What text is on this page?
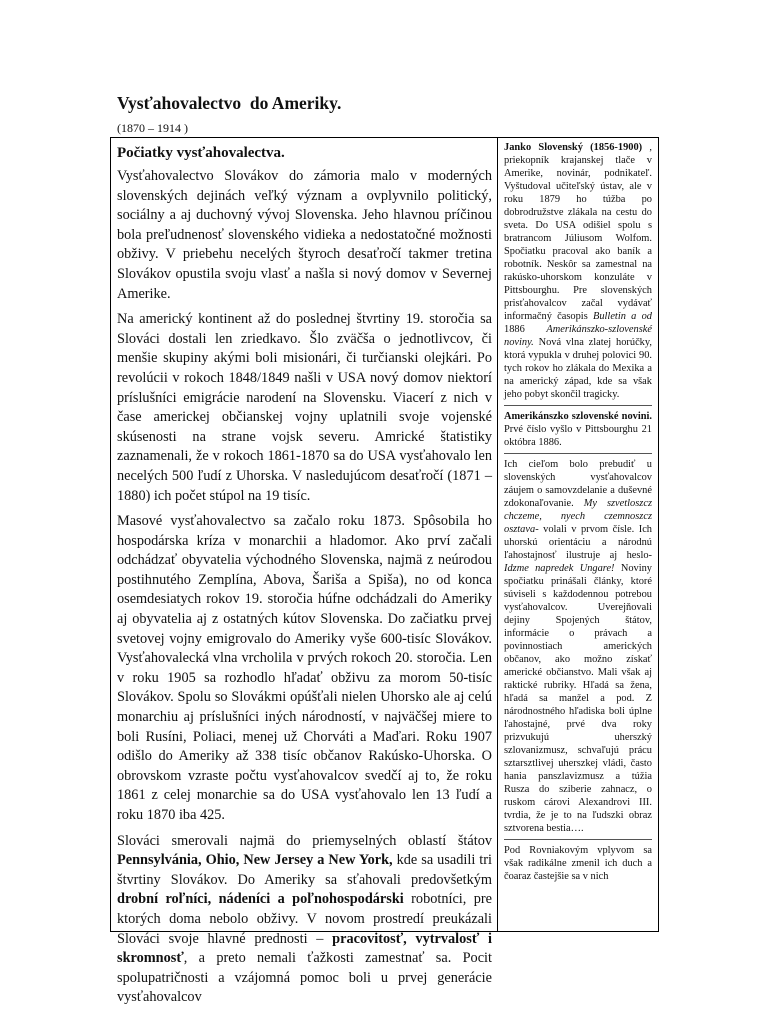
Vysťahovalectvo  do Ameriky.
(1870 – 1914 )
Počiatky vysťahovalectva.

Vysťahovalectvo Slovákov do zámoria malo v moderných slovenských dejinách veľký význam a ovplyvnilo politický, sociálny a aj duchovný vývoj Slovenska. Jeho hlavnou príčinou bola preľudnenosť slovenského vidieka a nedostatočné možnosti obživy. V priebehu necelých štyroch desaťročí takmer tretina Slovákov opustila svoju vlasť a našla si nový domov v Severnej Amerike.

Na americký kontinent až do poslednej štvrtiny 19. storočia sa Slováci dostali len zriedkavo. Šlo zväčša o jednotlivcov, či menšie skupiny akými boli misionári, či turčianski olejkári. Po revolúcii v rokoch 1848/1849 našli v USA nový domov niektorí príslušníci emigrácie narodení na Slovensku. Viacerí z nich v čase americkej občianskej vojny uplatnili svoje vojenské skúsenosti na strane vojsk severu. Amrické štatistiky zaznamenali, že v rokoch 1861-1870 sa do USA vysťahovalo len necelých 500 ľudí z Uhorska. V nasledujúcom desaťročí (1871 – 1880) ich počet stúpol na 19 tisíc.

Masové vysťahovalectvo sa začalo roku 1873. Spôsobila ho hospodárska kríza v monarchii a hladomor. Ako prví začali odchádzať obyvatelia východného Slovenska, najmä z neúrodou postihnutého Zemplína, Abova, Šariša a Spiša), no od konca osemdesiatych rokov 19. storočia húfne odchádzali do Ameriky aj obyvatelia aj z ostatných kútov Slovenska. Do začiatku prvej svetovej vojny emigrovalo do Ameriky vyše 600-tisíc Slovákov. Vysťahovalecká vlna vrcholila v prvých rokoch 20. storočia. Len v roku 1905 sa rozhodlo hľadať obživu za morom 50-tisíc Slovákov. Spolu so Slovákmi opúšťali nielen Uhorsko ale aj celú monarchiu aj príslušníci iných národností, v najväčšej miere to boli Rusíni, Poliaci, menej už Chorváti a Maďari. Roku 1907 odišlo do Ameriky až 338 tisíc občanov Rakúsko-Uhorska. O obrovskom vzraste počtu vysťahovalcov svedčí aj to, že roku 1861 z celej monarchie sa do USA vysťahovalo len 13 ľudí a roku 1870 iba 425.

Slováci smerovali najmä do priemyselných oblastí štátov Pennsylvánia, Ohio, New Jersey a New York, kde sa usadili tri štvrtiny Slovákov. Do Ameriky sa sťahovali predovšetkým drobní roľníci, nádeníci a poľnohospodárski robotníci, pre ktorých doma nebolo obživy. V novom prostredí preukázali Slováci svoje hlavné prednosti – pracovitosť, vytrvalosť i skromnosť, a preto nemali ťažkosti zamestnať sa. Pocit spolupatričnosti a vzájomná pomoc boli u prvej generácie vysťahovalcov

Janko Slovenský (1856-1900) , priekopník krajanskej tlače v Amerike, novinár, podnikateľ. Vyštudoval učiteľský ústav, ale v roku 1879 ho túžba po dobrodružstve zlákala na cestu do sveta. Do USA odišiel spolu s bratrancom Júliusom Wolfom. Spočiatku pracoval ako baník a robotník. Neskôr sa zamestnal na rakúsko-uhorskom konzuláte v Pittsbourghu. Pre slovenských prisťahovalcov začal vydávať informačný časopis Bulletin a od 1886 Amerikánszko-szlovenské noviny. Nová vlna zlatej horúčky, ktorá vypukla v druhej polovici 90. tych rokov ho zlákala do Mexika a na americký západ, kde sa však jeho pobyt skončil tragicky.

Amerikánszko szlovenské novini. Prvé číslo vyšlo v Pittsbourghu 21 októbra 1886.

Ich cieľom bolo prebudiť u slovenských vysťahovalcov záujem o samovzdelanie a duševné zdokonaľovanie. My szvetloszcz chczeme, nyech czemnoszcz osztava- volali v prvom čísle. Ich uhorskú orientáciu a národnú ľahostajnosť ilustruje aj heslo- Idzme napredek Ungare! Noviny spočiatku prinášali články, ktoré súviseli s každodennou potrebou vysťahovalcov. Uverejňovali dejiny Spojených štátov, informácie o právach a povinnostiach amerických občanov, ako možno získať americké občianstvo. Mali však aj raktické rubriky. Hľadá sa žena, hľadá sa manžel a pod. Z národnostného hľadiska boli úplne ľahostajné, prvé dva roky prizvukujú uherszký szlovanizmusz, schvaľujú prácu sztarsztlivej uherszkej vládi, často hania panszlavizmusz a túžia Rusza do sziberie zahnacz, o ruskom cárovi Alexandrovi III. tvrdia, že je to na ľudszki obraz sztvorena bestia….

Pod Rovniakovým vplyvom sa však radikálne zmenil ich duch a čoaraz častejšie sa v nich
